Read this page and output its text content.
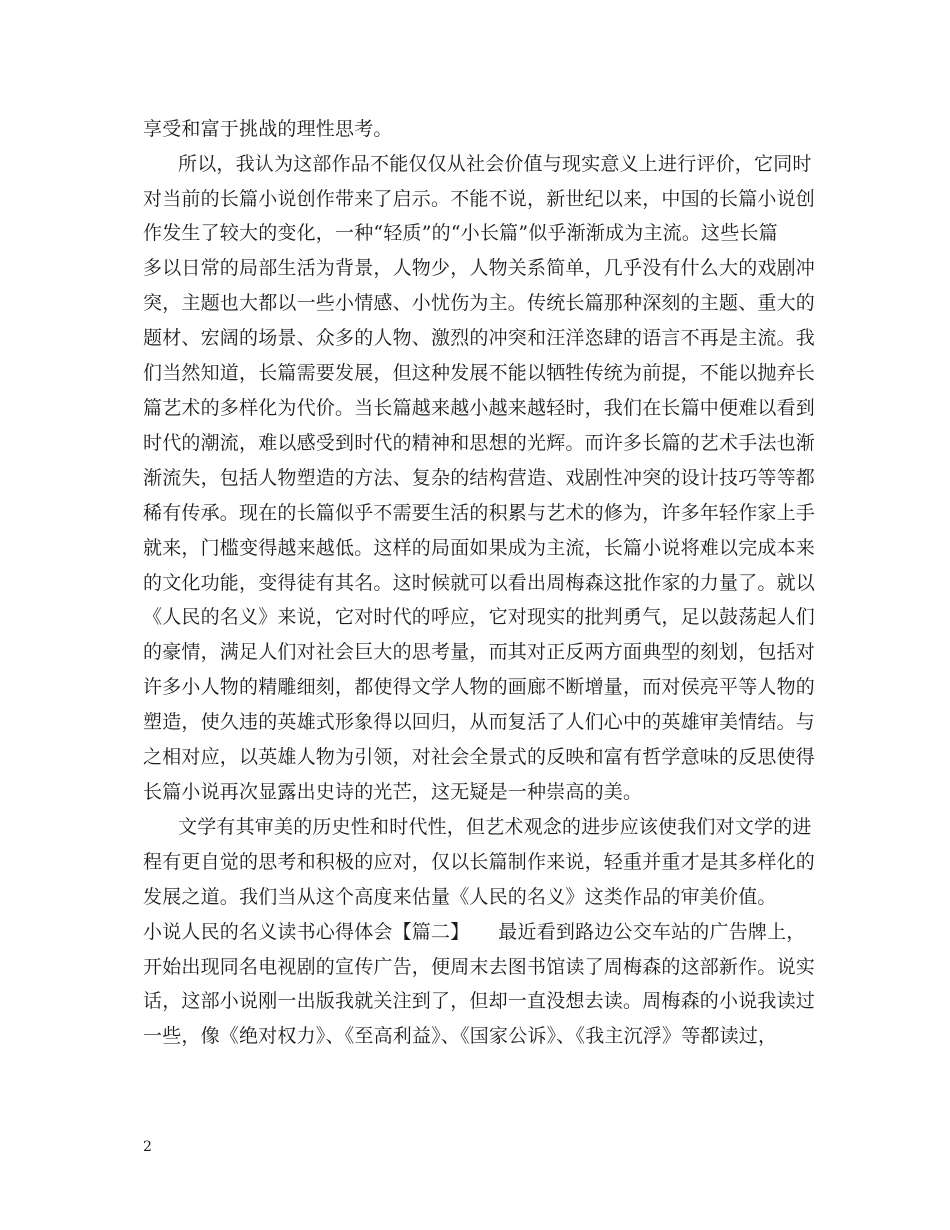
享受和富于挑战的理性思考。
所以，我认为这部作品不能仅仅从社会价值与现实意义上进行评价，它同时
对当前的长篇小说创作带来了启示。不能不说，新世纪以来，中国的长篇小说创
作发生了较大的变化，一种“轻质”的“小长篇”似乎渐渐成为主流。这些长篇
多以日常的局部生活为背景，人物少，人物关系简单，几乎没有什么大的戏剧冲
突，主题也大都以一些小情感、小忧伤为主。传统长篇那种深刻的主题、重大的
题材、宏阔的场景、众多的人物、激烈的冲突和汪洋恣肆的语言不再是主流。我
们当然知道，长篇需要发展，但这种发展不能以牺牲传统为前提，不能以抛弃长
篇艺术的多样化为代价。当长篇越来越小越来越轻时，我们在长篇中便难以看到
时代的潮流，难以感受到时代的精神和思想的光辉。而许多长篇的艺术手法也渐
渐流失，包括人物塑造的方法、复杂的结构营造、戏剧性冲突的设计技巧等等都
稀有传承。现在的长篇似乎不需要生活的积累与艺术的修为，许多年轻作家上手
就来，门槛变得越来越低。这样的局面如果成为主流，长篇小说将难以完成本来
的文化功能，变得徒有其名。这时候就可以看出周梅森这批作家的力量了。就以
《人民的名义》来说，它对时代的呼应，它对现实的批判勇气，足以鼓荡起人们
的豪情，满足人们对社会巨大的思考量，而其对正反两方面典型的刻划，包括对
许多小人物的精雕细刻，都使得文学人物的画廊不断增量，而对侯亮平等人物的
塑造，使久违的英雄式形象得以回归，从而复活了人们心中的英雄审美情结。与
之相对应，以英雄人物为引领，对社会全景式的反映和富有哲学意味的反思使得
长篇小说再次显露出史诗的光芒，这无疑是一种崇高的美。
文学有其审美的历史性和时代性，但艺术观念的进步应该使我们对文学的进
程有更自觉的思考和积极的应对，仅以长篇制作来说，轻重并重才是其多样化的
发展之道。我们当从这个高度来估量《人民的名义》这类作品的审美价值。
小说人民的名义读书心得体会【篇二】　　最近看到路边公交车站的广告牌上，
开始出现同名电视剧的宣传广告，便周末去图书馆读了周梅森的这部新作。说实
话，这部小说刚一出版我就关注到了，但却一直没想去读。周梅森的小说我读过
一些，像《绝对权力》、《至高利益》、《国家公诉》、《我主沉浮》等都读过，
2
